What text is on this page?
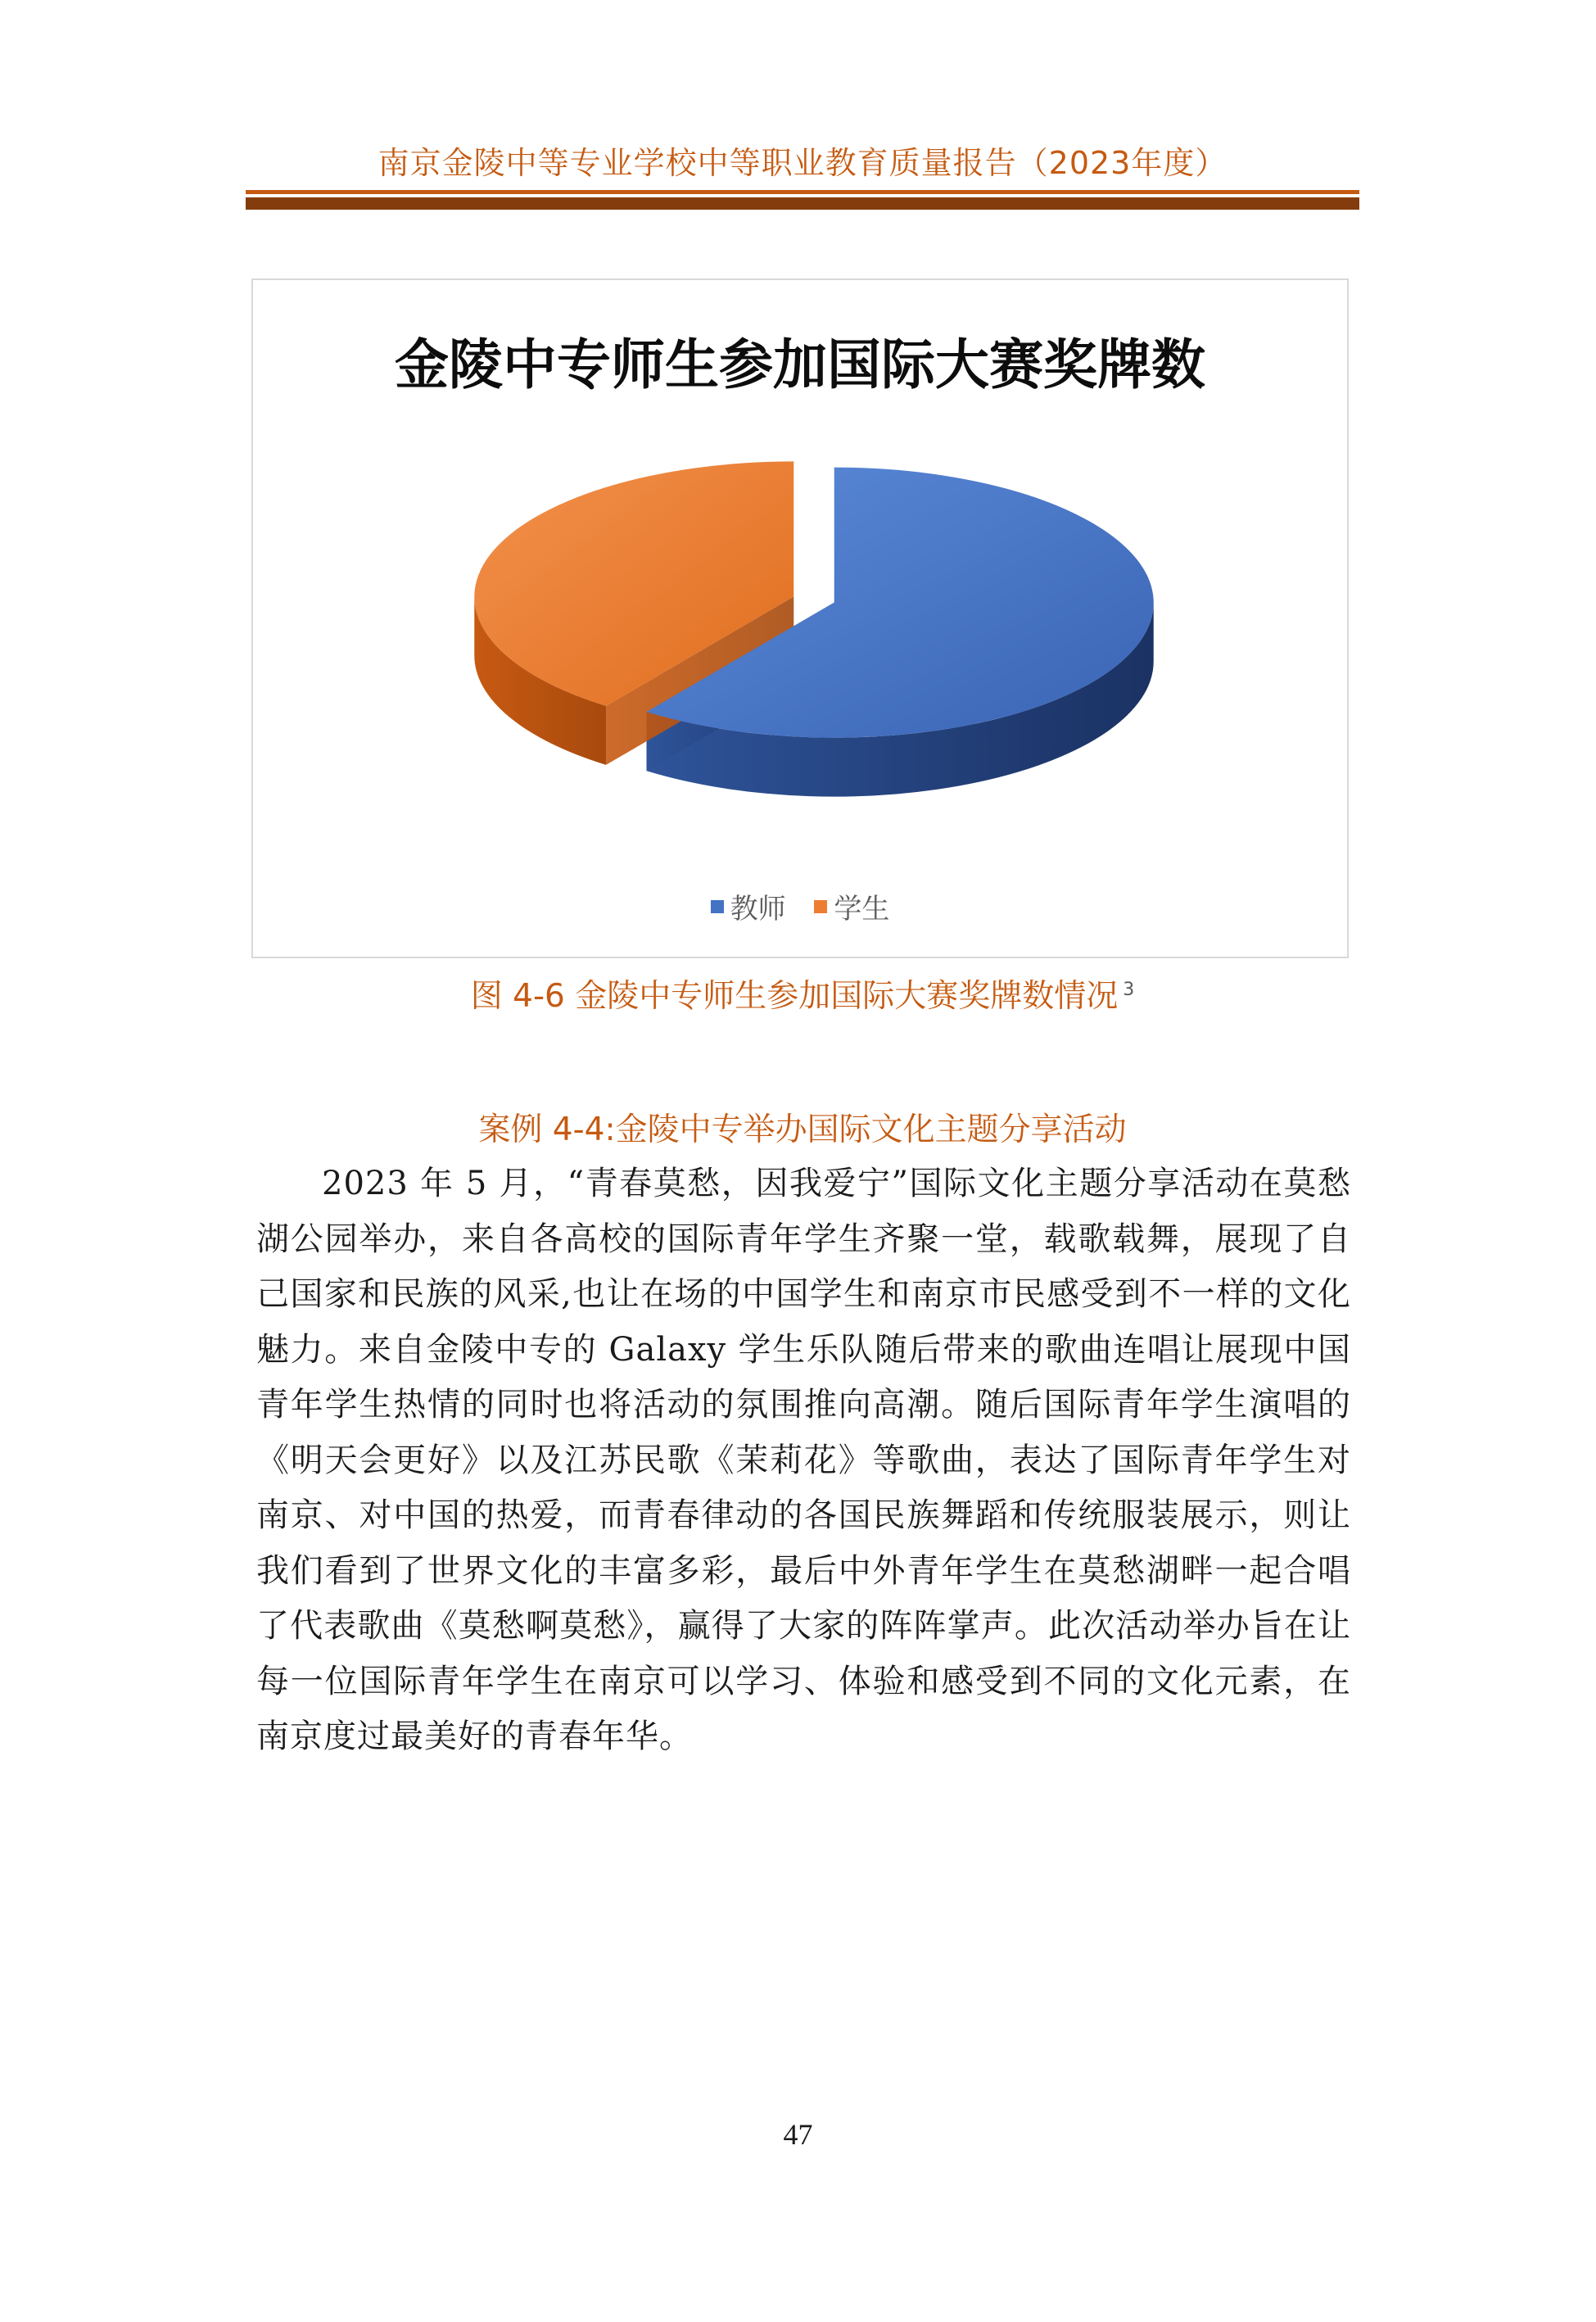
南京金陵中等专业学校中等职业教育质量报告（2023年度）
金陵中专师生参加国际大赛奖牌数
教师
学生
图 4-6 金陵中专师生参加国际大赛奖牌数情况 $^3$
案例 4-4:金陵中专举办国际文化主题分享活动

2023 年 5 月，“青春莫愁，因我爱宁”国际文化主题分享活动在莫愁湖公园举办，来自各高校的国际青年学生齐聚一堂，载歌载舞，展现了自己国家和民族的风采,也让在场的中国学生和南京市民感受到不一样的文化魅力。来自金陵中专的 Galaxy 学生乐队随后带来的歌曲连唱让展现中国青年学生热情的同时也将活动的氛围推向高潮。随后国际青年学生演唱的《明天会更好》以及江苏民歌《茉莉花》等歌曲，表达了国际青年学生对南京、对中国的热爱，而青春律动的各国民族舞蹈和传统服装展示，则让我们看到了世界文化的丰富多彩，最后中外青年学生在莫愁湖畔一起合唱了代表歌曲《莫愁啊莫愁》，赢得了大家的阵阵掌声。此次活动举办旨在让每一位国际青年学生在南京可以学习、体验和感受到不同的文化元素，在南京度过最美好的青春年华。

47
